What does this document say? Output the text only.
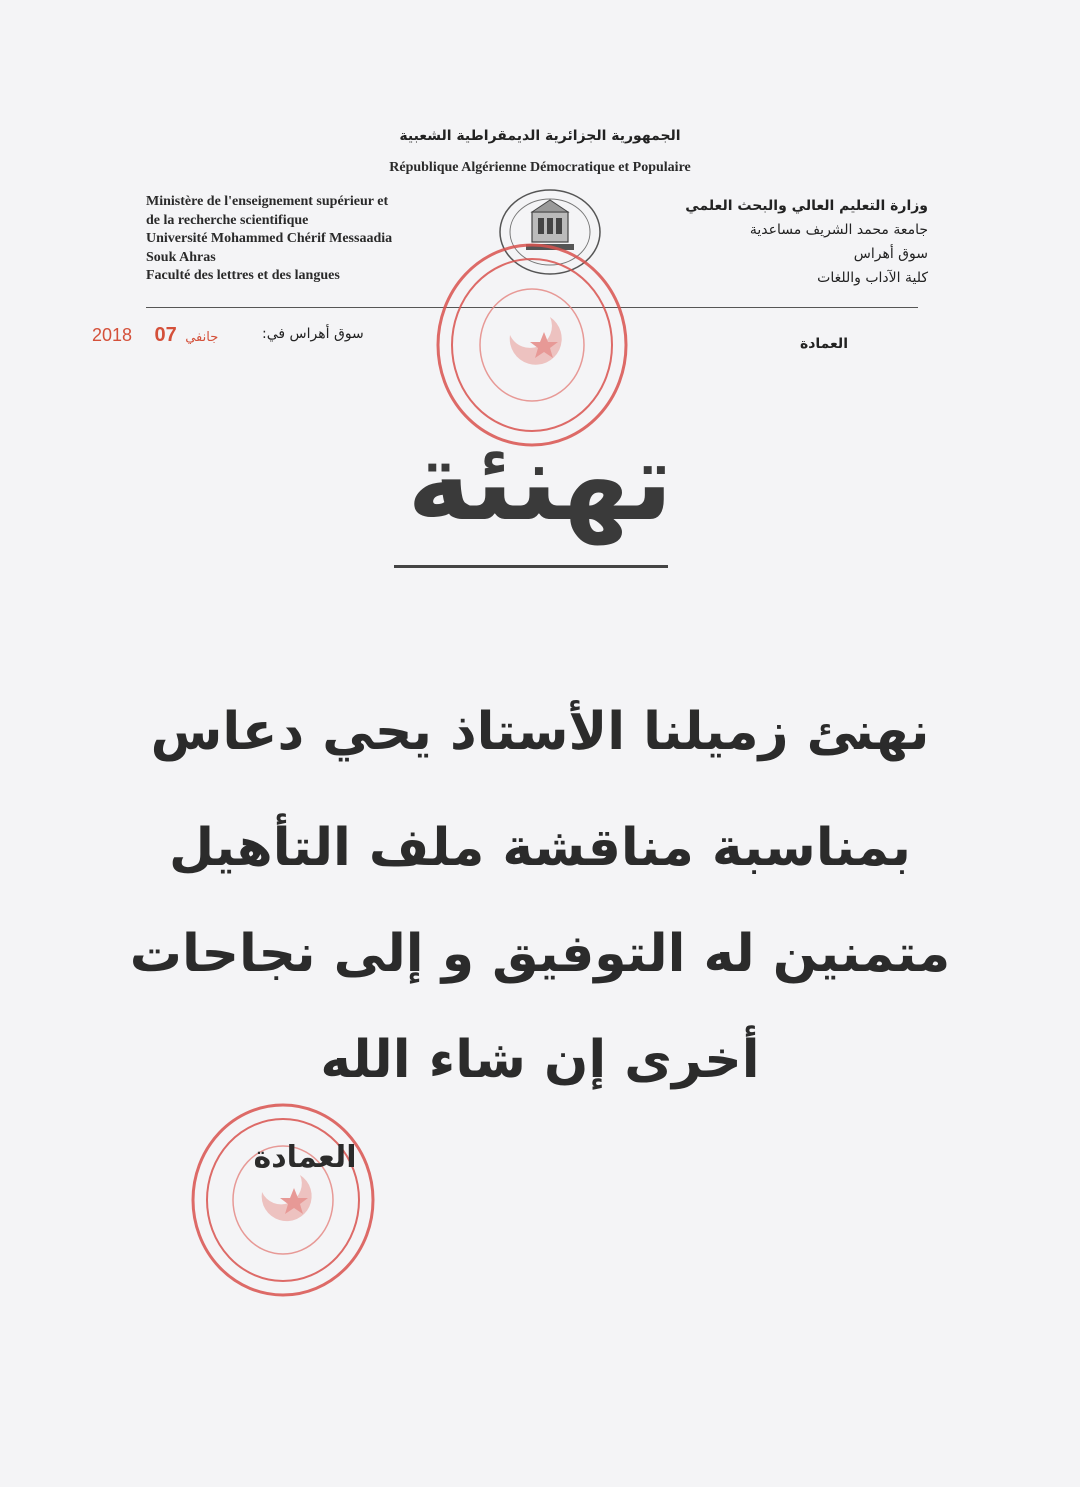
الجمهورية الجزائرية الديمقراطية الشعبية
République Algérienne Démocratique et Populaire
Ministère de l'enseignement supérieur et
de la recherche scientifique
Université Mohammed Chérif Messaadia
Souk Ahras
Faculté des lettres et des langues
وزارة التعليم العالي والبحث العلمي
جامعة محمد الشريف مساعدية
سوق أهراس
كلية الآداب واللغات
2018	جانفي 07	سوق أهراس في:
العمادة
تهنئة
نهنئ زميلنا الأستاذ يحي دعاس
بمناسبة مناقشة ملف التأهيل
متمنين له التوفيق و إلى نجاحات
أخرى إن شاء الله
العمادة
